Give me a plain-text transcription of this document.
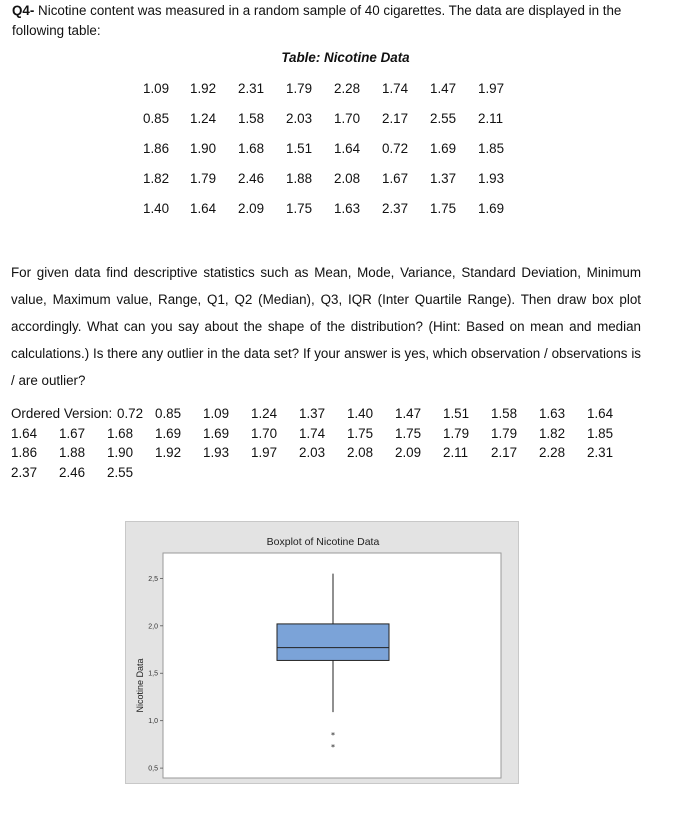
Q4- Nicotine content was measured in a random sample of 40 cigarettes. The data are displayed in the following table:
Table: Nicotine Data
1.09	1.92	2.31	1.79	2.28	1.74	1.47	1.97
0.85	1.24	1.58	2.03	1.70	2.17	2.55	2.11
1.86	1.90	1.68	1.51	1.64	0.72	1.69	1.85
1.82	1.79	2.46	1.88	2.08	1.67	1.37	1.93
1.40	1.64	2.09	1.75	1.63	2.37	1.75	1.69
For given data find descriptive statistics such as Mean, Mode, Variance, Standard Deviation, Minimum value, Maximum value, Range, Q1, Q2 (Median), Q3, IQR (Inter Quartile Range). Then draw box plot accordingly. What can you say about the shape of the distribution? (Hint: Based on mean and median calculations.) Is there any outlier in the data set? If your answer is yes, which observation / observations is / are outlier?
Ordered Version: 0.72 0.85 1.09 1.24 1.37 1.40 1.47 1.51 1.58 1.63 1.64
1.64 1.67 1.68 1.69 1.69 1.70 1.74 1.75 1.75 1.79 1.79 1.82 1.85
1.86 1.88 1.90 1.92 1.93 1.97 2.03 2.08 2.09 2.11 2.17 2.28 2.31
2.37 2.46 2.55
Boxplot of Nicotine Data
Nicotine Data
0,5
1,0
1,5
2,0
2,5
*
*
